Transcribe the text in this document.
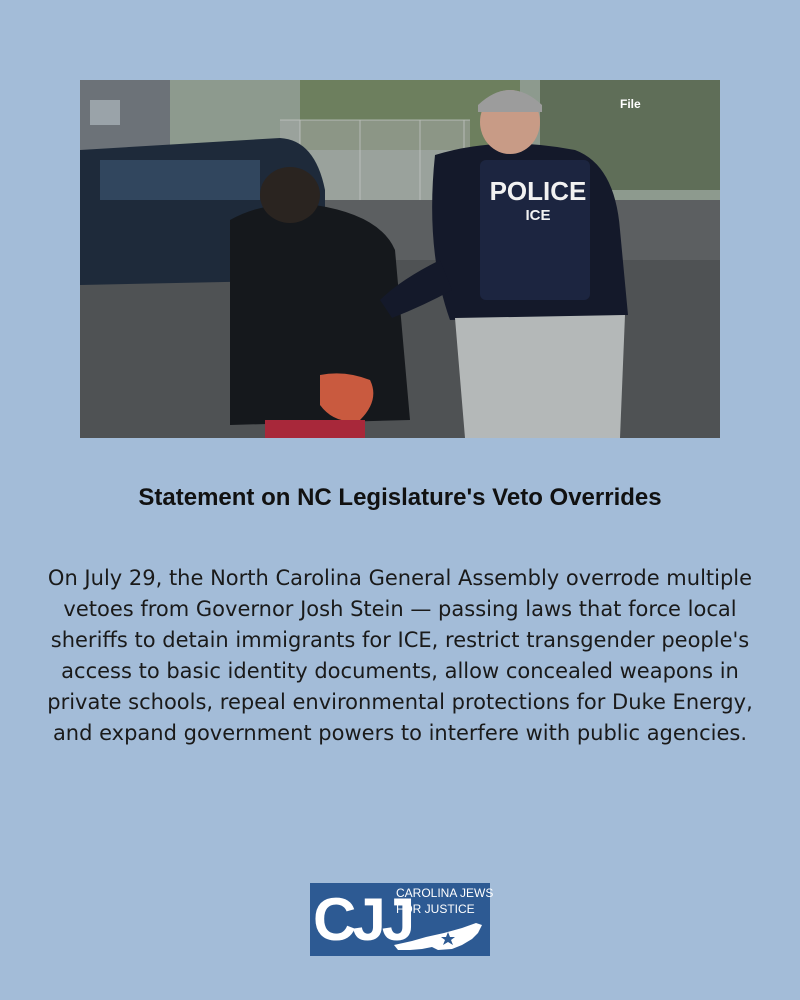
POLICE
ICE
File
Statement on NC Legislature's Veto Overrides

On July 29, the North Carolina General Assembly overrode multiple vetoes from Governor Josh Stein — passing laws that force local sheriffs to detain immigrants for ICE, restrict transgender people's access to basic identity documents, allow concealed weapons in private schools, repeal environmental protections for Duke Energy, and expand government powers to interfere with public agencies.

CJJ
CAROLINA JEWS
FOR JUSTICE
